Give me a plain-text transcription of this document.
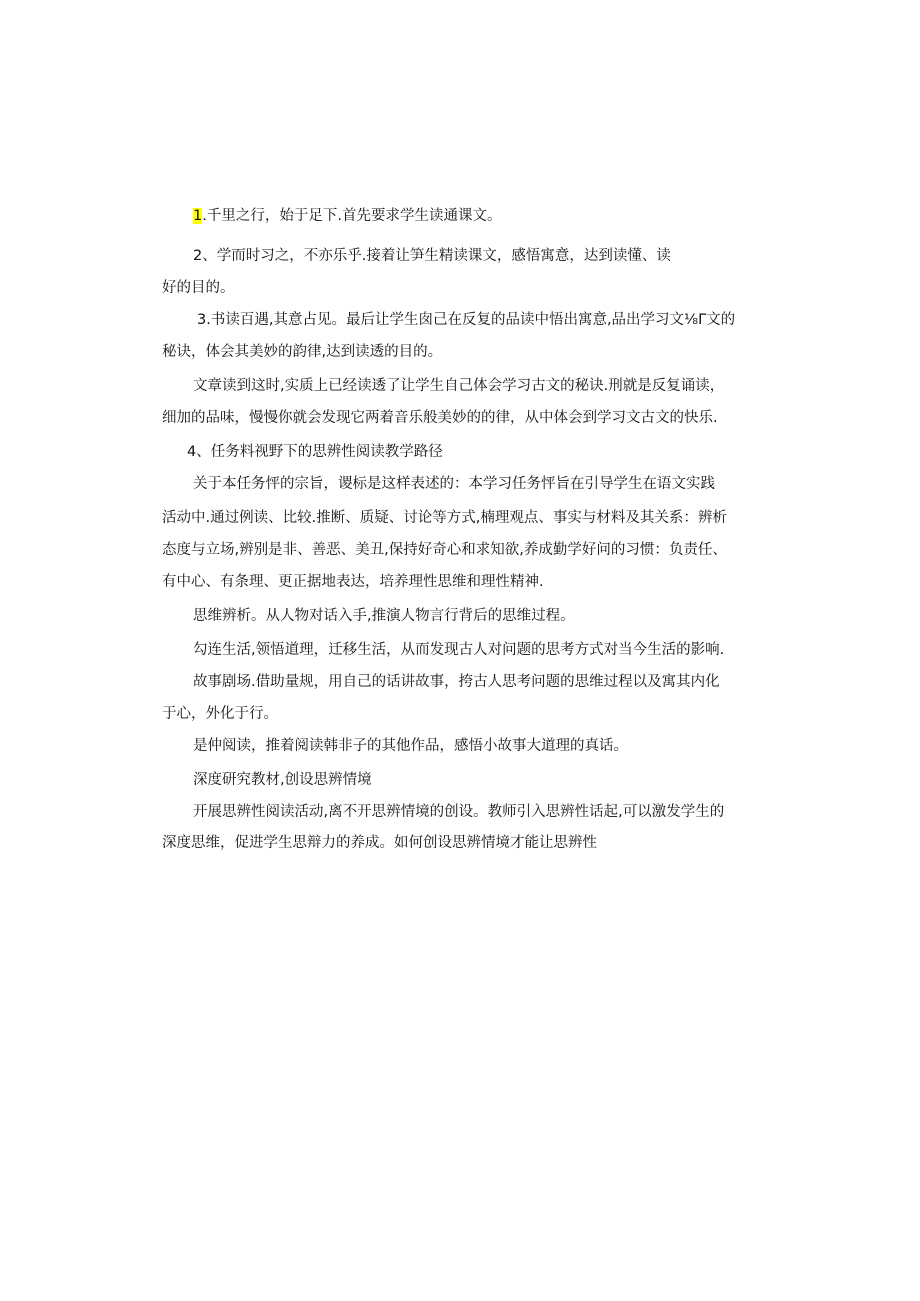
1.千里之行，始于足下.首先要求学生读通课文。
2、学而时习之，不亦乐乎.接着让笋生精读课文，感悟寓意，达到读懂、读
好的目的。
3.书读百遇,其意占见。最后让学生囱己在反复的品读中悟出寓意,品出学习文⅛Γ文的
秘诀，体会其美妙的韵律,达到读透的目的。
文章读到这时,实质上已经读透了让学生自己体会学习古文的秘诀.刑就是反复诵读，
细加的品味，慢慢你就会发现它两着音乐般美妙的的律，从中体会到学习文古文的快乐.
4、任务料视野下的思辨性阅读教学路径
关于本任务怦的宗旨，谡标是这样表述的：本学习任务怦旨在引导学生在语文实践
活动中.通过例读、比较.推断、质疑、讨论等方式,楠理观点、事实与材料及其关系：辨析
态度与立场,辨别是非、善恶、美丑,保持好奇心和求知欲,养成勤学好问的习惯：负责任、
有中心、有条理、更正据地表达，培养理性思维和理性精神.
思维辨析。从人物对话入手,推演人物言行背后的思维过程。
勾连生活,领悟道理，迁移生活，从而发现古人对问题的思考方式对当今生活的影响.
故事剧场.借助量规，用自己的话讲故事，挎古人思考问题的思维过程以及寓其内化
于心，外化于行。
是仲阅读，推着阅读韩非子的其他作品，感悟小故事大道理的真话。
深度研究教材,创设思辨情境
开展思辨性阅读活动,离不开思辨情境的创设。教师引入思辨性话起,可以激发学生的
深度思维，促进学生思辩力的养成。如何创设思辨情境才能让思辨性
